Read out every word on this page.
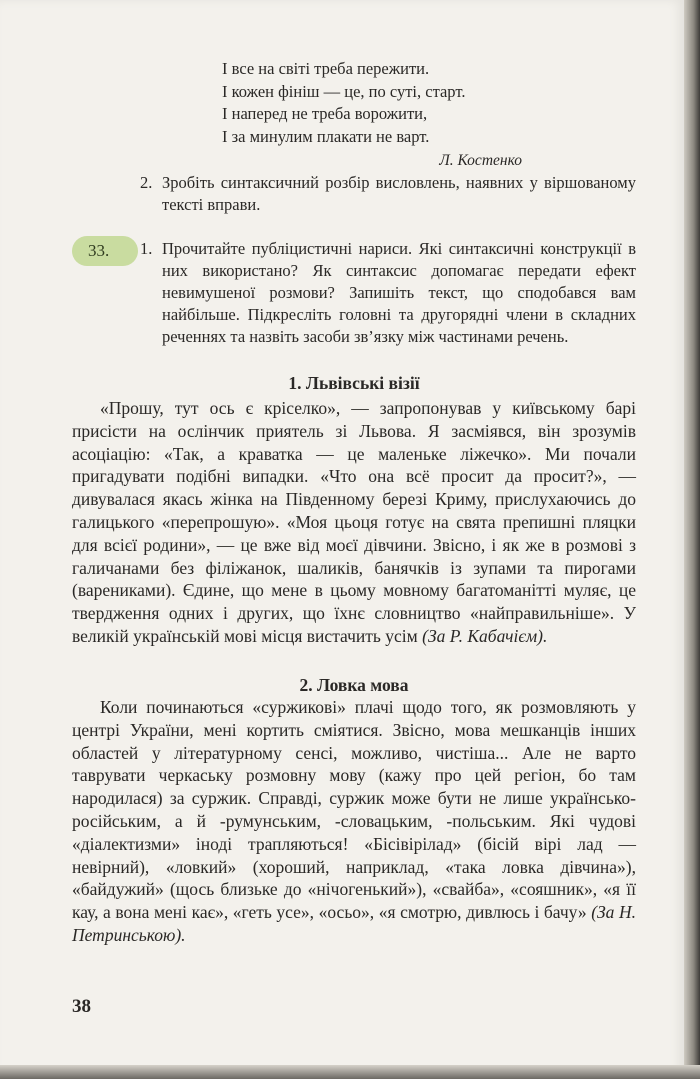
І все на світі треба пережити.
І кожен фініш — це, по суті, старт.
І наперед не треба ворожити,
І за минулим плакати не варт.
Л. Костенко
2. Зробіть синтаксичний розбір висловлень, наявних у віршованому тексті вправи.
33.	1. Прочитайте публіцистичні нариси. Які синтаксичні конструкції в них використано? Як синтаксис допомагає передати ефект невимушеної розмови? Запишіть текст, що сподобався вам найбільше. Підкресліть головні та другорядні члени в складних реченнях та назвіть засоби зв’язку між частинами речень.
1. Львівські візії
«Прошу, тут ось є кріселко», — запропонував у київському барі присісти на ослінчик приятель зі Львова. Я засміявся, він зрозумів асоціацію: «Так, а краватка — це маленьке ліжечко». Ми почали пригадувати подібні випадки. «Что она всё просит да просит?», — дивувалася якась жінка на Південному березі Криму, прислухаючись до галицького «перепрошую». «Моя цьоця готує на свята препишні пляцки для всієї родини», — це вже від моєї дівчини. Звісно, і як же в розмові з галичанами без філіжанок, шаликів, банячків із зупами та пирогами (варениками). Єдине, що мене в цьому мовному багатоманітті муляє, це твердження одних і других, що їхнє словництво «найправильніше». У великій українській мові місця вистачить усім (За Р. Кабачієм).
2. Ловка мова
Коли починаються «суржикові» плачі щодо того, як розмовляють у центрі України, мені кортить сміятися. Звісно, мова мешканців інших областей у літературному сенсі, можливо, чистіша... Але не варто таврувати черкаську розмовну мову (кажу про цей регіон, бо там народилася) за суржик. Справді, суржик може бути не лише українсько-російським, а й -румунським, -словацьким, -польським. Які чудові «діалектизми» іноді трапляються! «Бісівірілад» (бісій вірі лад — невірний), «ловкий» (хороший, наприклад, «така ловка дівчина»), «байдужий» (щось близьке до «нічогенький»), «свайба», «сояшник», «я її кау, а вона мені кає», «геть усе», «осьо», «я смотрю, дивлюсь і бачу» (За Н. Петринською).
38
